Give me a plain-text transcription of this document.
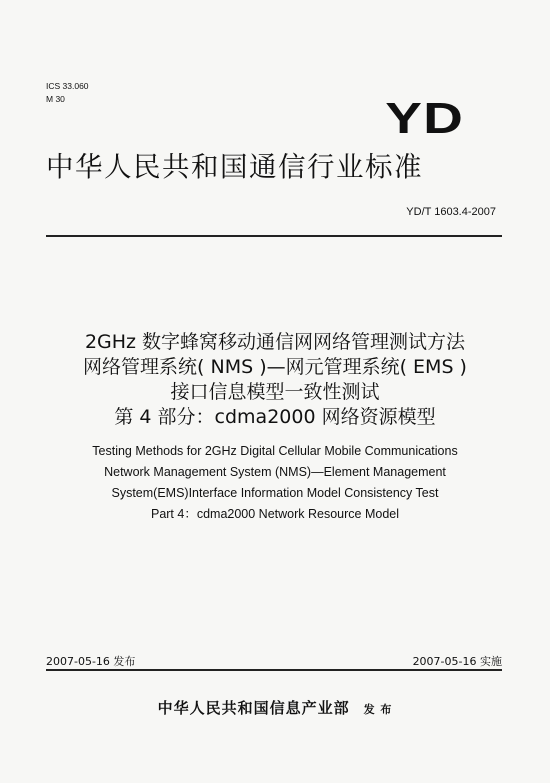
ICS 33.060
M 30	YD
中华人民共和国通信行业标准
YD/T 1603.4-2007
2GHz 数字蜂窝移动通信网网络管理测试方法
网络管理系统( NMS )—网元管理系统( EMS )
接口信息模型一致性测试
第 4 部分：cdma2000 网络资源模型
Testing Methods for 2GHz Digital Cellular Mobile Communications
Network Management System (NMS)—Element Management
System(EMS)Interface Information Model Consistency Test
Part 4：cdma2000 Network Resource Model
2007-05-16 发布	2007-05-16 实施
中华人民共和国信息产业部 发 布
